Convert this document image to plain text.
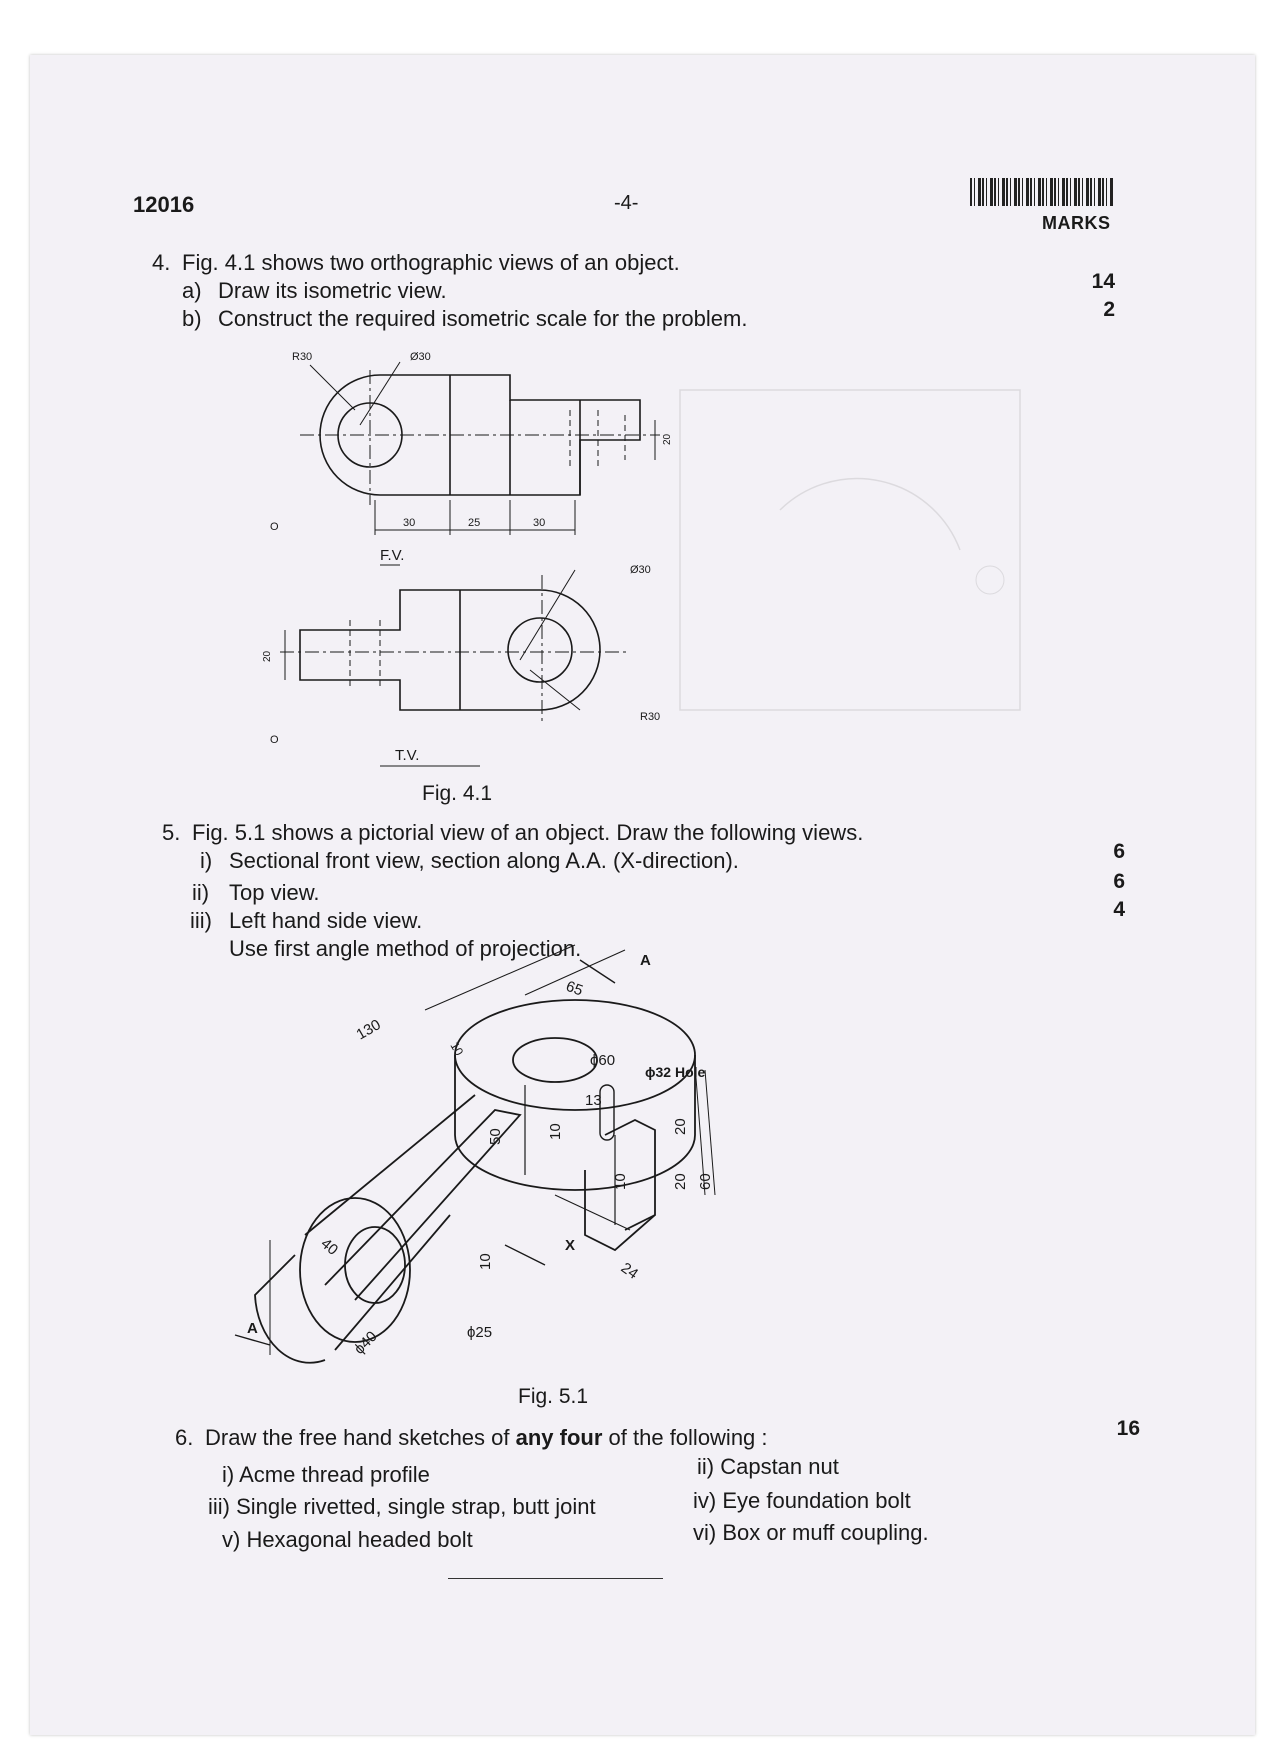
12016	-4-
MARKS
4. Fig. 4.1 shows two orthographic views of an object.
a) Draw its isometric view.	14
b) Construct the required isometric scale for the problem.	2
R30	Ø30
20
O	30	25	30
F.V.
Ø30
R30
20
O
T.V.
Fig. 4.1
5. Fig. 5.1 shows a pictorial view of an object. Draw the following views.
i) Sectional front view, section along A.A. (X-direction).	6
ii) Top view.	6
iii) Left hand side view.	4
Use first angle method of projection.
65
130
ϕ60
ϕ32 Hole
50	10
13
10
20
20 60
24
40
10
ϕ25
ϕ40
10
A
A
X
Fig. 5.1
6. Draw the free hand sketches of any four of the following :	16
i) Acme thread profile	ii) Capstan nut
iii) Single rivetted, single strap, butt joint	iv) Eye foundation bolt
v) Hexagonal headed bolt	vi) Box or muff coupling.
